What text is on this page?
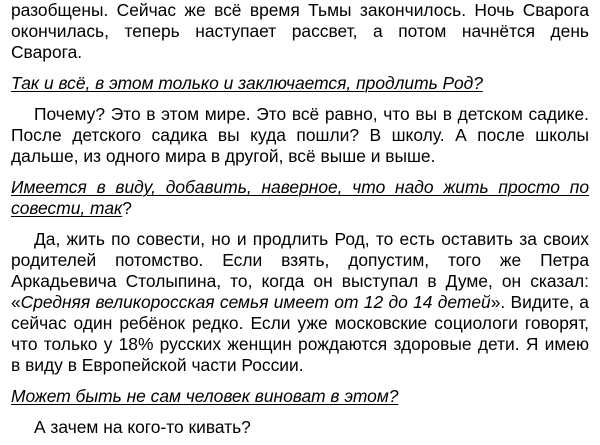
разобщены. Сейчас же всё время Тьмы закончилось. Ночь Сварога окончилась, теперь наступает рассвет, а потом начнётся день Сварога.

Так и всё, в этом только и заключается, продлить Род?

Почему? Это в этом мире. Это всё равно, что вы в детском садике. После детского садика вы куда пошли? В школу. А после школы дальше, из одного мира в другой, всё выше и выше.

Имеется в виду, добавить, наверное, что надо жить просто по совести, так?

Да, жить по совести, но и продлить Род, то есть оставить за своих родителей потомство. Если взять, допустим, того же Петра Аркадьевича Столыпина, то, когда он выступал в Думе, он сказал: «Средняя великоросская семья имеет от 12 до 14 детей». Видите, а сейчас один ребёнок редко. Если уже московские социологи говорят, что только у 18% русских женщин рождаются здоровые дети. Я имею в виду в Европейской части России.

Может быть не сам человек виноват в этом?

А зачем на кого-то кивать?
